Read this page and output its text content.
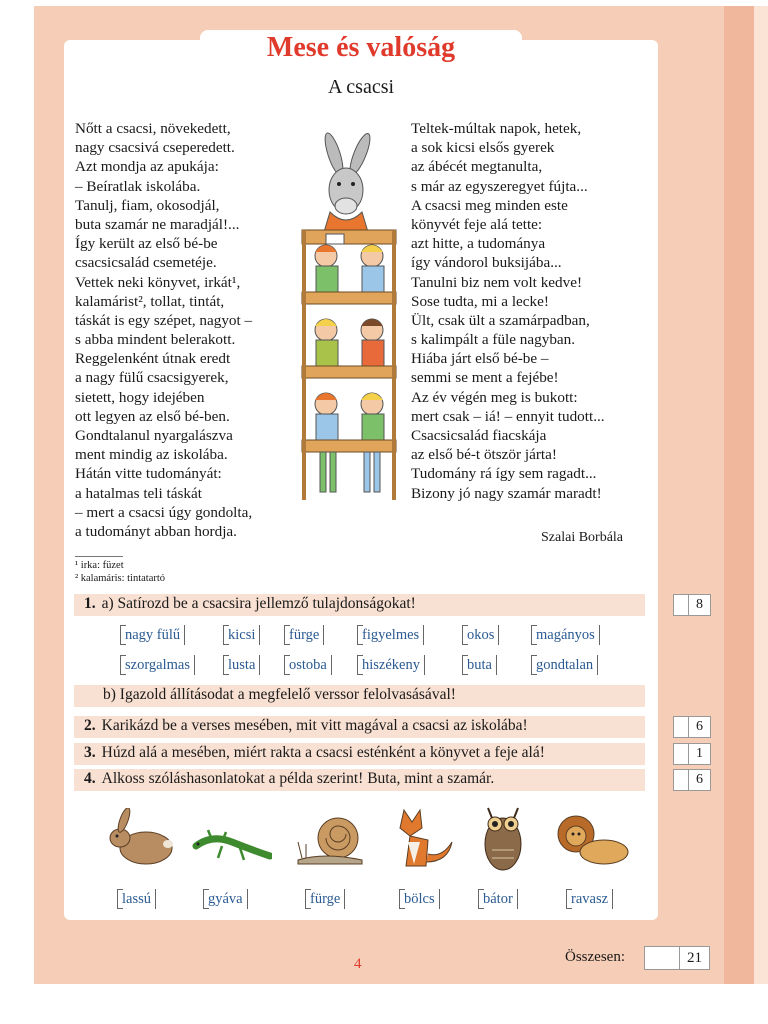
Mese és valóság
A csacsi
Nőtt a csacsi, növekedett,
nagy csacsivá cseperedett.
Azt mondja az apukája:
– Beíratlak iskolába.
Tanulj, fiam, okosodjál,
buta szamár ne maradjál!...
Így került az első bé-be
csacsicsalád csemetéje.
Vettek neki könyvet, irkát¹,
kalamárist², tollat, tintát,
táskát is egy szépet, nagyot –
s abba mindent belerakott.
Reggelenként útnak eredt
a nagy fülű csacsigyerek,
sietett, hogy idejében
ott legyen az első bé-ben.
Gondtalanul nyargalászva
ment mindig az iskolába.
Hátán vitte tudományát:
a hatalmas teli táskát
– mert a csacsi úgy gondolta,
a tudományt abban hordja.
Teltek-múltak napok, hetek,
a sok kicsi elsős gyerek
az ábécét megtanulta,
s már az egyszeregyet fújta...
A csacsi meg minden este
könyvét feje alá tette:
azt hitte, a tudománya
így vándorol buksijába...
Tanulni biz nem volt kedve!
Sose tudta, mi a lecke!
Ült, csak ült a szamárpadban,
s kalimpált a füle nagyban.
Hiába járt első bé-be –
semmi se ment a fejébe!
Az év végén meg is bukott:
mert csak – iá! – ennyit tudott...
Csacsicsalád fiacskája
az első bé-t ötször járta!
Tudomány rá így sem ragadt...
Bizony jó nagy szamár maradt!
Szalai Borbála
¹ irka: füzet
² kalamáris: tintatartó
1. a) Satírozd be a csacsira jellemző tulajdonságokat!	8
nagy fülű	kicsi	fürge	figyelmes	okos	magányos
szorgalmas	lusta	ostoba	hiszékeny	buta	gondtalan
b) Igazold állításodat a megfelelő verssor felolvasásával!
2. Karikázd be a verses mesében, mit vitt magával a csacsi az iskolába!	6
3. Húzd alá a mesében, miért rakta a csacsi esténként a könyvet a feje alá!	1
4. Alkoss szóláshasonlatokat a példa szerint! Buta, mint a szamár.	6
lassú	gyáva	fürge	bölcs	bátor	ravasz
4	Összesen:	21
